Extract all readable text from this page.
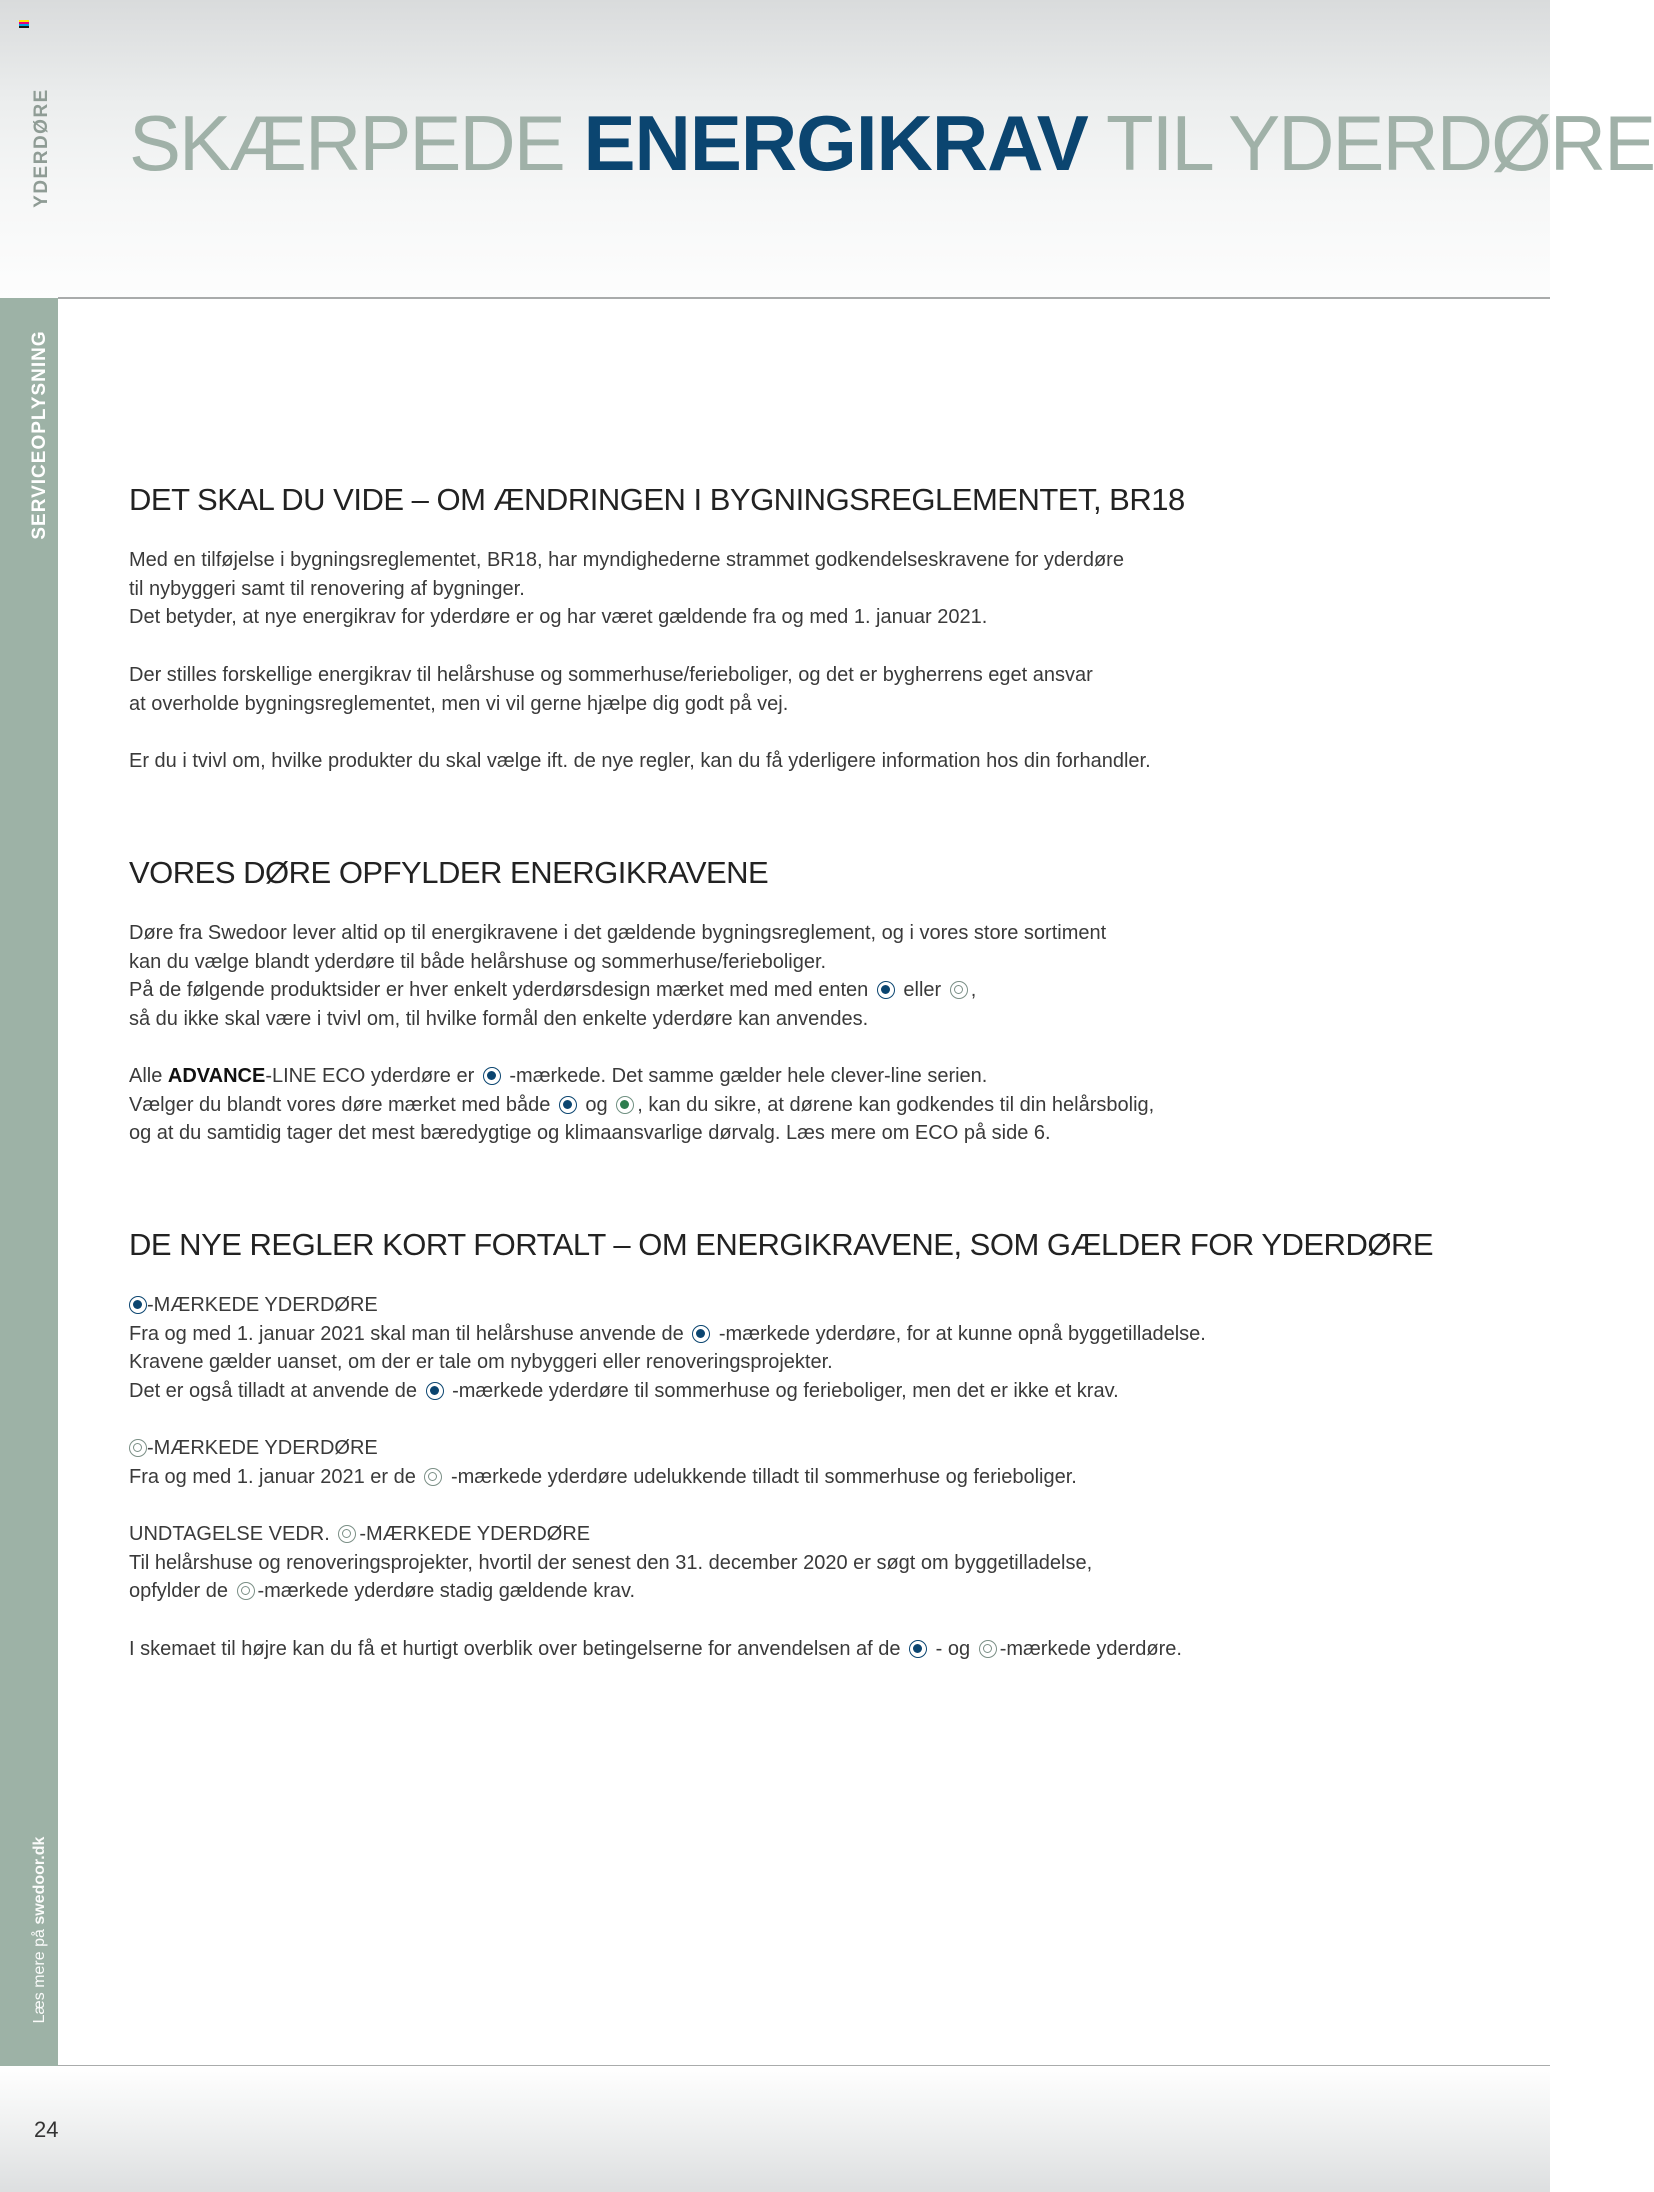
YDERDØRE SKÆRPEDE ENERGIKRAV TIL YDERDØRE
SERVICEOPLYSNING
Læs mere på swedoor.dk
24
DET SKAL DU VIDE – OM ÆNDRINGEN I BYGNINGSREGLEMENTET, BR18

Med en tilføjelse i bygningsreglementet, BR18, har myndighederne strammet godkendelseskravene for yderdøre
til nybyggeri samt til renovering af bygninger.
Det betyder, at nye energikrav for yderdøre er og har været gældende fra og med 1. januar 2021.

Der stilles forskellige energikrav til helårshuse og sommerhuse/ferieboliger, og det er bygherrens eget ansvar
at overholde bygningsreglementet, men vi vil gerne hjælpe dig godt på vej.

Er du i tvivl om, hvilke produkter du skal vælge ift. de nye regler, kan du få yderligere information hos din forhandler.

VORES DØRE OPFYLDER ENERGIKRAVENE

Døre fra Swedoor lever altid op til energikravene i det gældende bygningsreglement, og i vores store sortiment
kan du vælge blandt yderdøre til både helårshuse og sommerhuse/ferieboliger.
På de følgende produktsider er hver enkelt yderdørsdesign mærket med med enten  eller ,
så du ikke skal være i tvivl om, til hvilke formål den enkelte yderdøre kan anvendes.

Alle ADVANCE-LINE ECO yderdøre er  -mærkede. Det samme gælder hele clever-line serien.
Vælger du blandt vores døre mærket med både  og , kan du sikre, at dørene kan godkendes til din helårsbolig,
og at du samtidig tager det mest bæredygtige og klimaansvarlige dørvalg. Læs mere om ECO på side 6.

DE NYE REGLER KORT FORTALT – OM ENERGIKRAVENE, SOM GÆLDER FOR YDERDØRE

-MÆRKEDE YDERDØRE
Fra og med 1. januar 2021 skal man til helårshuse anvende de  -mærkede yderdøre, for at kunne opnå byggetilladelse.
Kravene gælder uanset, om der er tale om nybyggeri eller renoveringsprojekter.
Det er også tilladt at anvende de  -mærkede yderdøre til sommerhuse og ferieboliger, men det er ikke et krav.

-MÆRKEDE YDERDØRE
Fra og med 1. januar 2021 er de  -mærkede yderdøre udelukkende tilladt til sommerhuse og ferieboliger.

UNDTAGELSE VEDR. -MÆRKEDE YDERDØRE
Til helårshuse og renoveringsprojekter, hvortil der senest den 31. december 2020 er søgt om byggetilladelse,
opfylder de -mærkede yderdøre stadig gældende krav.

I skemaet til højre kan du få et hurtigt overblik over betingelserne for anvendelsen af de  - og -mærkede yderdøre.
